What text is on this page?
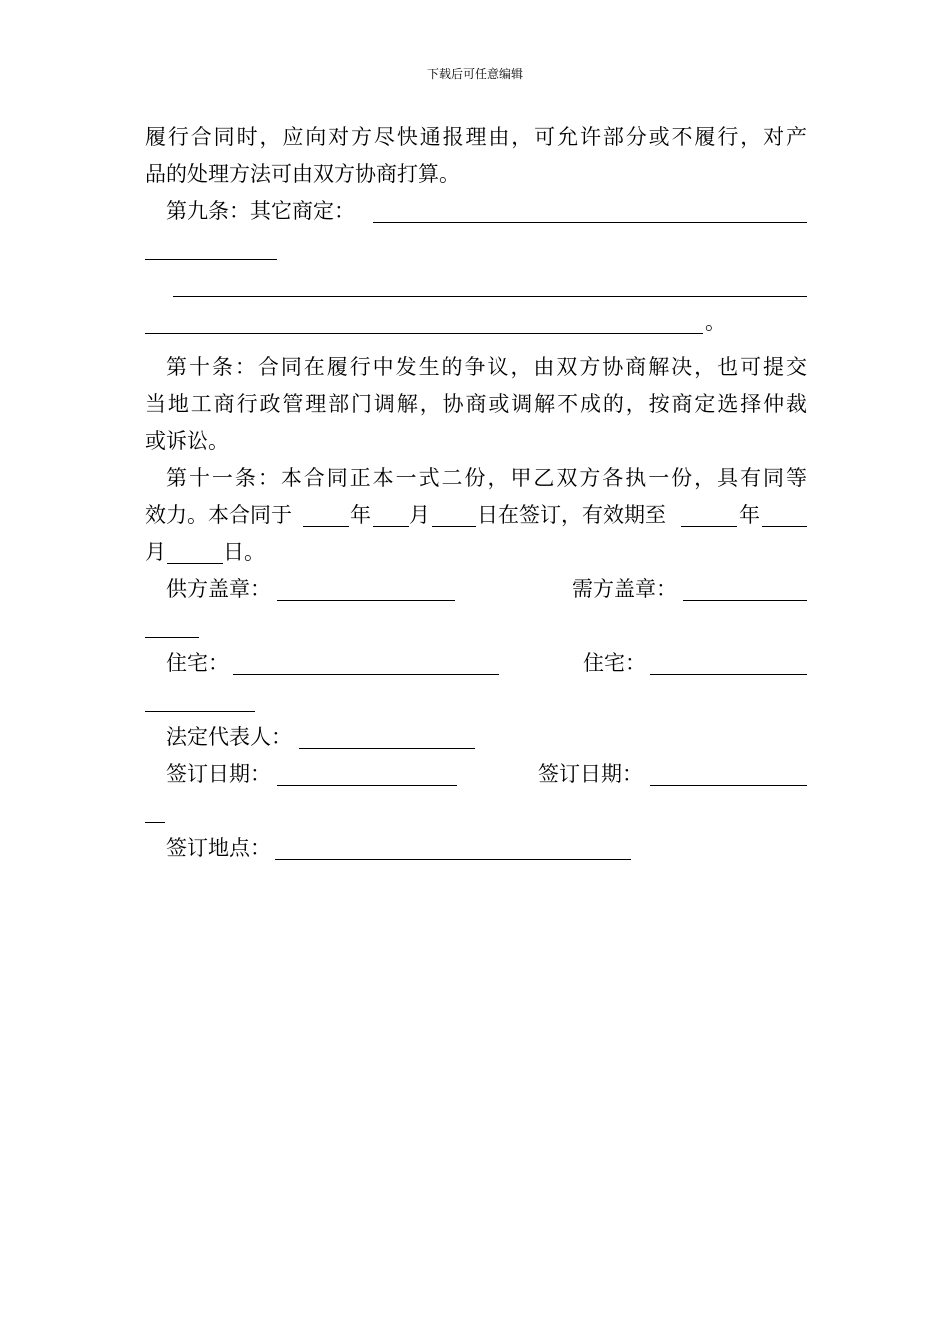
下载后可任意编辑
履行合同时，应向对方尽快通报理由，可允许部分或不履行，对产
品的处理方法可由双方协商打算。
第九条：其它商定：
。
第十条：合同在履行中发生的争议，由双方协商解决，也可提交
当地工商行政管理部门调解，协商或调解不成的，按商定选择仲裁
或诉讼。
第十一条：本合同正本一式二份，甲乙双方各执一份，具有同等
效力。本合同于	年 月 日在签订，有效期至	年
月	日。
供方盖章：	需方盖章：
住宅：	住宅：
法定代表人：
签订日期：	签订日期：
签订地点：
